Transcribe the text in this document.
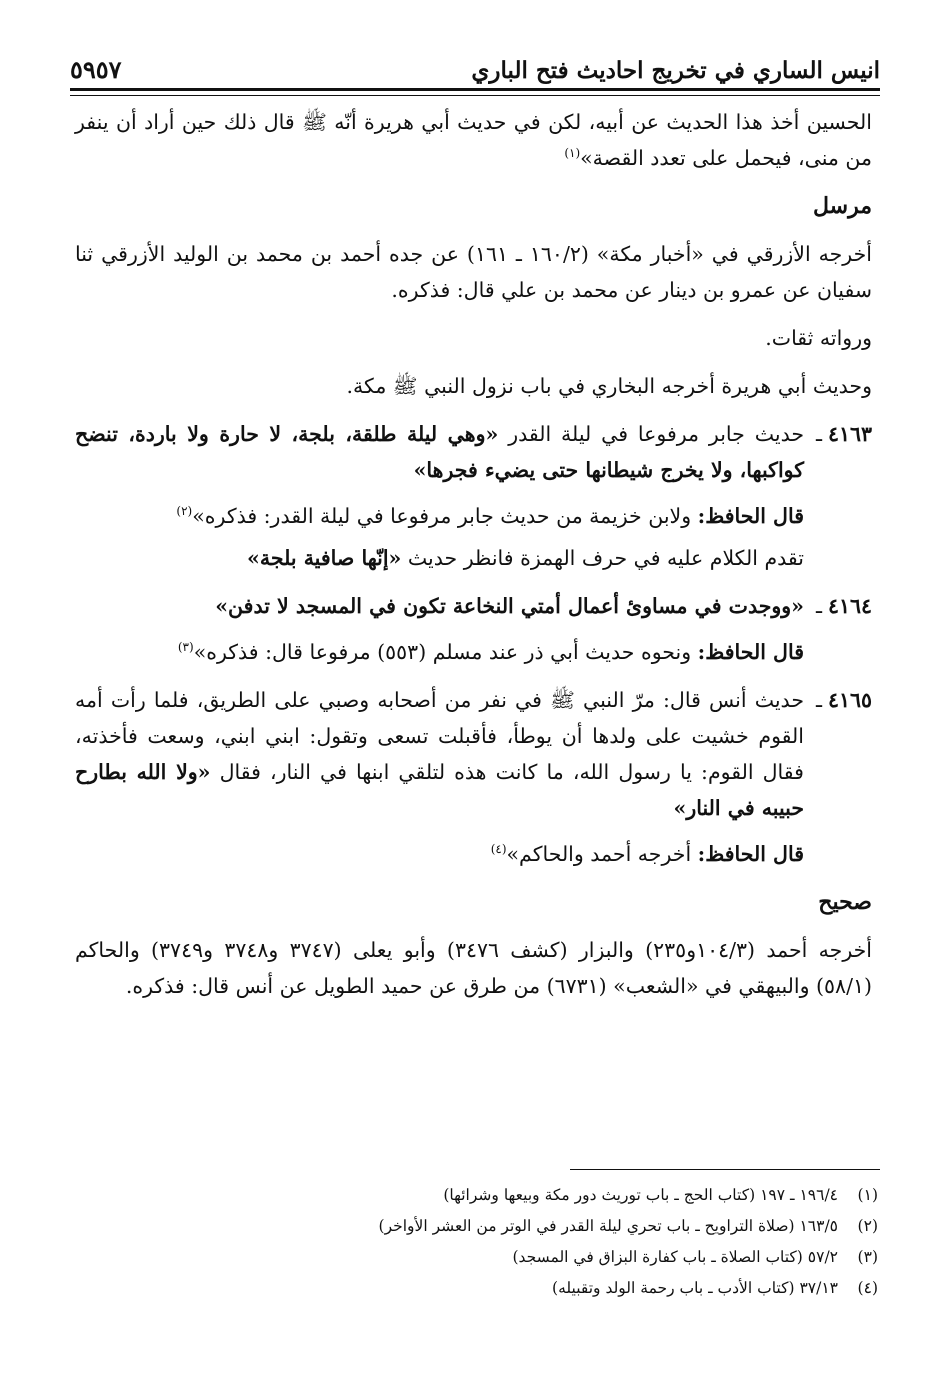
انيس الساري في تخريج احاديث فتح الباري
٥٩٥٧

الحسين أخذ هذا الحديث عن أبيه، لكن في حديث أبي هريرة أنّه ﷺ قال ذلك حين أراد أن ينفر من منى، فيحمل على تعدد القصة»$^{(١)}$

مرسل

أخرجه الأزرقي في «أخبار مكة» (١٦٠/٢ ـ ١٦١) عن جده أحمد بن محمد بن الوليد الأزرقي ثنا سفيان عن عمرو بن دينار عن محمد بن علي قال: فذكره.

ورواته ثقات.

وحديث أبي هريرة أخرجه البخاري في باب نزول النبي ﷺ مكة.

٤١٦٣
ـ
حديث جابر مرفوعا في ليلة القدر «وهي ليلة طلقة، بلجة، لا حارة ولا باردة، تنضح كواكبها، ولا يخرج شيطانها حتى يضيء فجرها»

قال الحافظ: ولابن خزيمة من حديث جابر مرفوعا في ليلة القدر: فذكره»$^{(٢)}$

تقدم الكلام عليه في حرف الهمزة فانظر حديث «إنّها صافية بلجة»

٤١٦٤
ـ
«ووجدت في مساوئ أعمال أمتي النخاعة تكون في المسجد لا تدفن»

قال الحافظ: ونحوه حديث أبي ذر عند مسلم (٥٥٣) مرفوعا قال: فذكره»$^{(٣)}$

٤١٦٥
ـ
حديث أنس قال: مرّ النبي ﷺ في نفر من أصحابه وصبي على الطريق، فلما رأت أمه القوم خشيت على ولدها أن يوطأ، فأقبلت تسعى وتقول: ابني ابني، وسعت فأخذته، فقال القوم: يا رسول الله، ما كانت هذه لتلقي ابنها في النار، فقال «ولا الله بطارح حبيبه في النار»

قال الحافظ: أخرجه أحمد والحاكم»$^{(٤)}$

صحيح

أخرجه أحمد (١٠٤/٣و٢٣٥) والبزار (كشف ٣٤٧٦) وأبو يعلى (٣٧٤٧ و٣٧٤٨ و٣٧٤٩) والحاكم (٥٨/١) والبيهقي في «الشعب» (٦٧٣١) من طرق عن حميد الطويل عن أنس قال: فذكره.

(١)
١٩٦/٤ ـ ١٩٧ (كتاب الحج ـ باب توريث دور مكة وبيعها وشرائها)
(٢)
١٦٣/٥ (صلاة التراويح ـ باب تحري ليلة القدر في الوتر من العشر الأواخر)
(٣)
٥٧/٢ (كتاب الصلاة ـ باب كفارة البزاق في المسجد)
(٤)
٣٧/١٣ (كتاب الأدب ـ باب رحمة الولد وتقبيله)
